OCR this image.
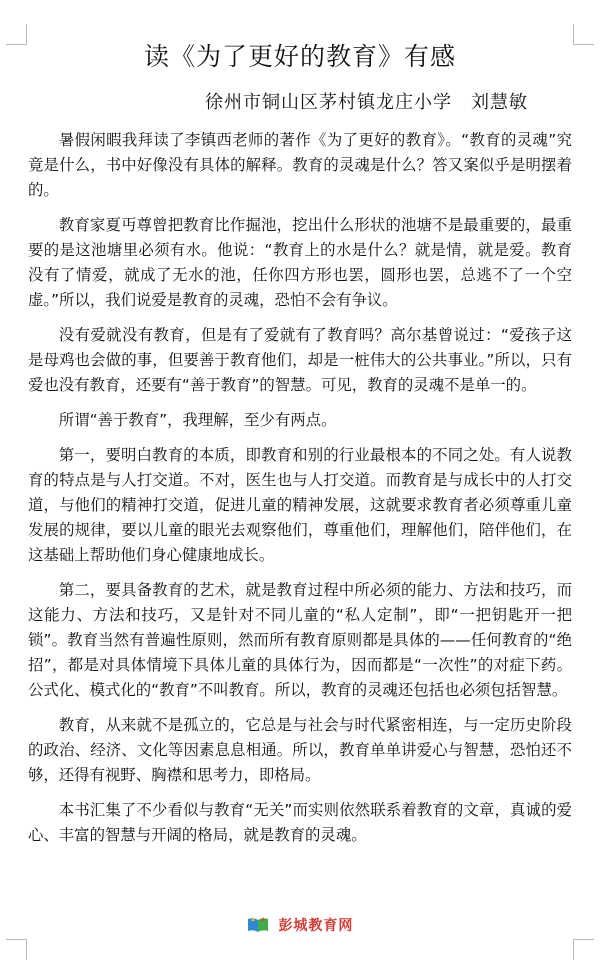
读《为了更好的教育》有感

徐州市铜山区茅村镇龙庄小学　刘慧敏

暑假闲暇我拜读了李镇西老师的著作《为了更好的教育》。“教育的灵魂”究竟是什么，书中好像没有具体的解释。教育的灵魂是什么？答又案似乎是明摆着的。

教育家夏丏尊曾把教育比作掘池，挖出什么形状的池塘不是最重要的，最重要的是这池塘里必须有水。他说：“教育上的水是什么？就是情，就是爱。教育没有了情爱，就成了无水的池，任你四方形也罢，圆形也罢，总逃不了一个空虚。”所以，我们说爱是教育的灵魂，恐怕不会有争议。

没有爱就没有教育，但是有了爱就有了教育吗？高尔基曾说过：“爱孩子这是母鸡也会做的事，但要善于教育他们，却是一桩伟大的公共事业。”所以，只有爱也没有教育，还要有“善于教育”的智慧。可见，教育的灵魂不是单一的。

所谓“善于教育”，我理解，至少有两点。

第一，要明白教育的本质，即教育和别的行业最根本的不同之处。有人说教育的特点是与人打交道。不对，医生也与人打交道。而教育是与成长中的人打交道，与他们的精神打交道，促进儿童的精神发展，这就要求教育者必须尊重儿童发展的规律，要以儿童的眼光去观察他们，尊重他们，理解他们，陪伴他们，在这基础上帮助他们身心健康地成长。

第二，要具备教育的艺术，就是教育过程中所必须的能力、方法和技巧，而这能力、方法和技巧，又是针对不同儿童的“私人定制”，即“一把钥匙开一把锁”。教育当然有普遍性原则，然而所有教育原则都是具体的——任何教育的“绝招”，都是对具体情境下具体儿童的具体行为，因而都是“一次性”的对症下药。公式化、模式化的“教育”不叫教育。所以，教育的灵魂还包括也必须包括智慧。

教育，从来就不是孤立的，它总是与社会与时代紧密相连，与一定历史阶段的政治、经济、文化等因素息息相通。所以，教育单单讲爱心与智慧，恐怕还不够，还得有视野、胸襟和思考力，即格局。

本书汇集了不少看似与教育“无关”而实则依然联系着教育的文章，真诚的爱心、丰富的智慧与开阔的格局，就是教育的灵魂。

彭城教育网
